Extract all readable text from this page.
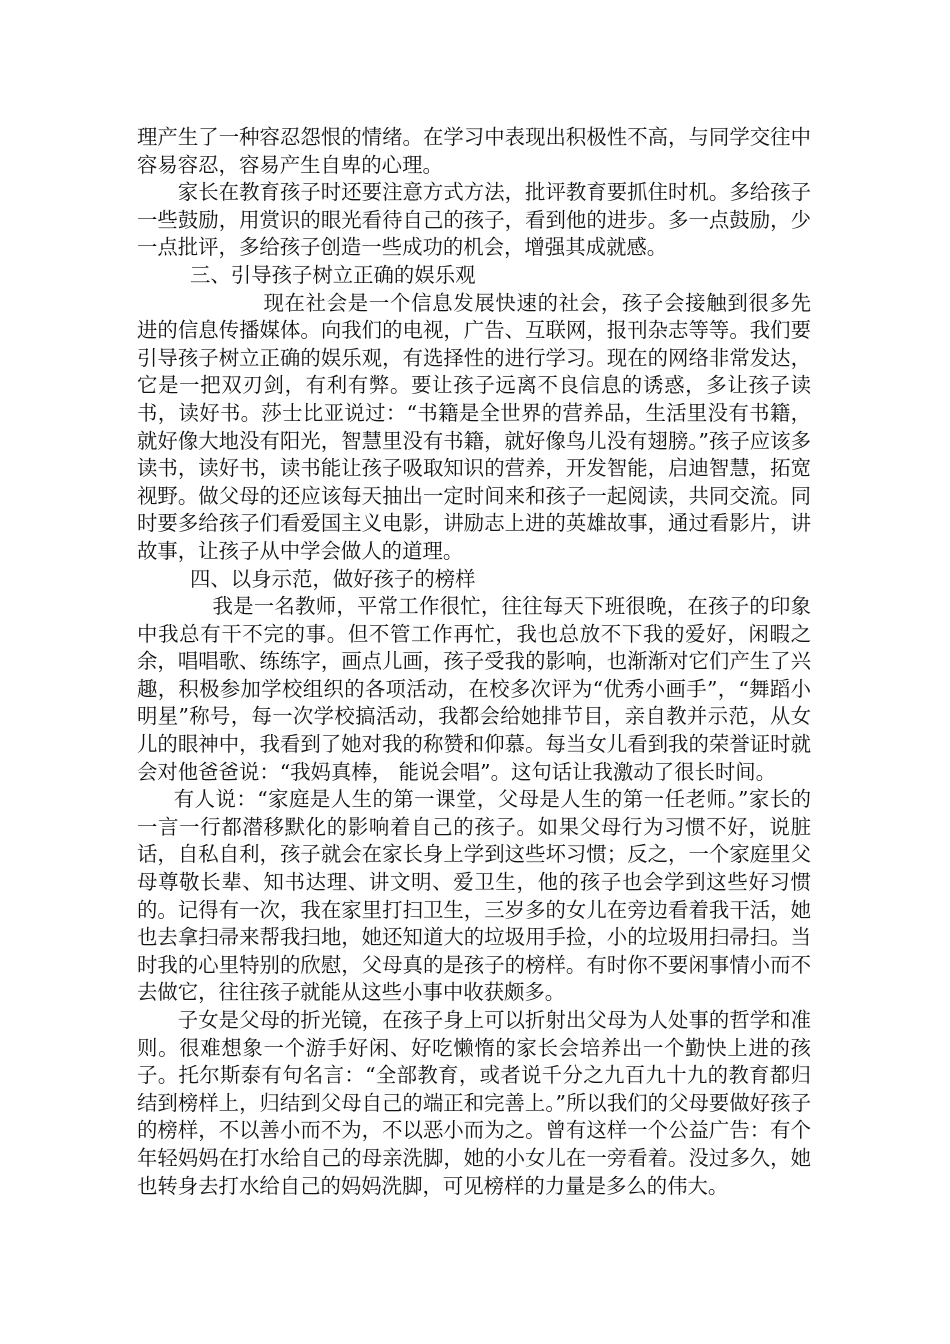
理产生了一种容忍怨恨的情绪。在学习中表现出积极性不高，与同学交往中容易容忍，容易产生自卑的心理。

家长在教育孩子时还要注意方式方法，批评教育要抓住时机。多给孩子一些鼓励，用赏识的眼光看待自己的孩子，看到他的进步。多一点鼓励，少一点批评，多给孩子创造一些成功的机会，增强其成就感。

三、引导孩子树立正确的娱乐观

现在社会是一个信息发展快速的社会，孩子会接触到很多先进的信息传播媒体。向我们的电视，广告、互联网，报刊杂志等等。我们要引导孩子树立正确的娱乐观，有选择性的进行学习。现在的网络非常发达，它是一把双刃剑，有利有弊。要让孩子远离不良信息的诱惑，多让孩子读书，读好书。莎士比亚说过：“书籍是全世界的营养品，生活里没有书籍，就好像大地没有阳光，智慧里没有书籍，就好像鸟儿没有翅膀。”孩子应该多读书，读好书，读书能让孩子吸取知识的营养，开发智能，启迪智慧，拓宽视野。做父母的还应该每天抽出一定时间来和孩子一起阅读，共同交流。同时要多给孩子们看爱国主义电影，讲励志上进的英雄故事，通过看影片，讲故事，让孩子从中学会做人的道理。

四、以身示范，做好孩子的榜样

我是一名教师，平常工作很忙，往往每天下班很晚，在孩子的印象中我总有干不完的事。但不管工作再忙，我也总放不下我的爱好，闲暇之余，唱唱歌、练练字，画点儿画，孩子受我的影响，也渐渐对它们产生了兴趣，积极参加学校组织的各项活动，在校多次评为“优秀小画手”，“舞蹈小明星”称号，每一次学校搞活动，我都会给她排节目，亲自教并示范，从女儿的眼神中，我看到了她对我的称赞和仰慕。每当女儿看到我的荣誉证时就会对他爸爸说：“我妈真棒， 能说会唱”。这句话让我激动了很长时间。

有人说：“家庭是人生的第一课堂，父母是人生的第一任老师。”家长的一言一行都潜移默化的影响着自己的孩子。如果父母行为习惯不好，说脏话，自私自利，孩子就会在家长身上学到这些坏习惯；反之，一个家庭里父母尊敬长辈、知书达理、讲文明、爱卫生，他的孩子也会学到这些好习惯的。记得有一次，我在家里打扫卫生，三岁多的女儿在旁边看着我干活，她也去拿扫帚来帮我扫地，她还知道大的垃圾用手捡，小的垃圾用扫帚扫。当时我的心里特别的欣慰，父母真的是孩子的榜样。有时你不要闲事情小而不去做它，往往孩子就能从这些小事中收获颇多。

子女是父母的折光镜，在孩子身上可以折射出父母为人处事的哲学和准则。很难想象一个游手好闲、好吃懒惰的家长会培养出一个勤快上进的孩子。托尔斯泰有句名言：“全部教育，或者说千分之九百九十九的教育都归结到榜样上，归结到父母自己的端正和完善上。”所以我们的父母要做好孩子的榜样，不以善小而不为，不以恶小而为之。曾有这样一个公益广告：有个年轻妈妈在打水给自己的母亲洗脚，她的小女儿在一旁看着。没过多久，她也转身去打水给自己的妈妈洗脚，可见榜样的力量是多么的伟大。
